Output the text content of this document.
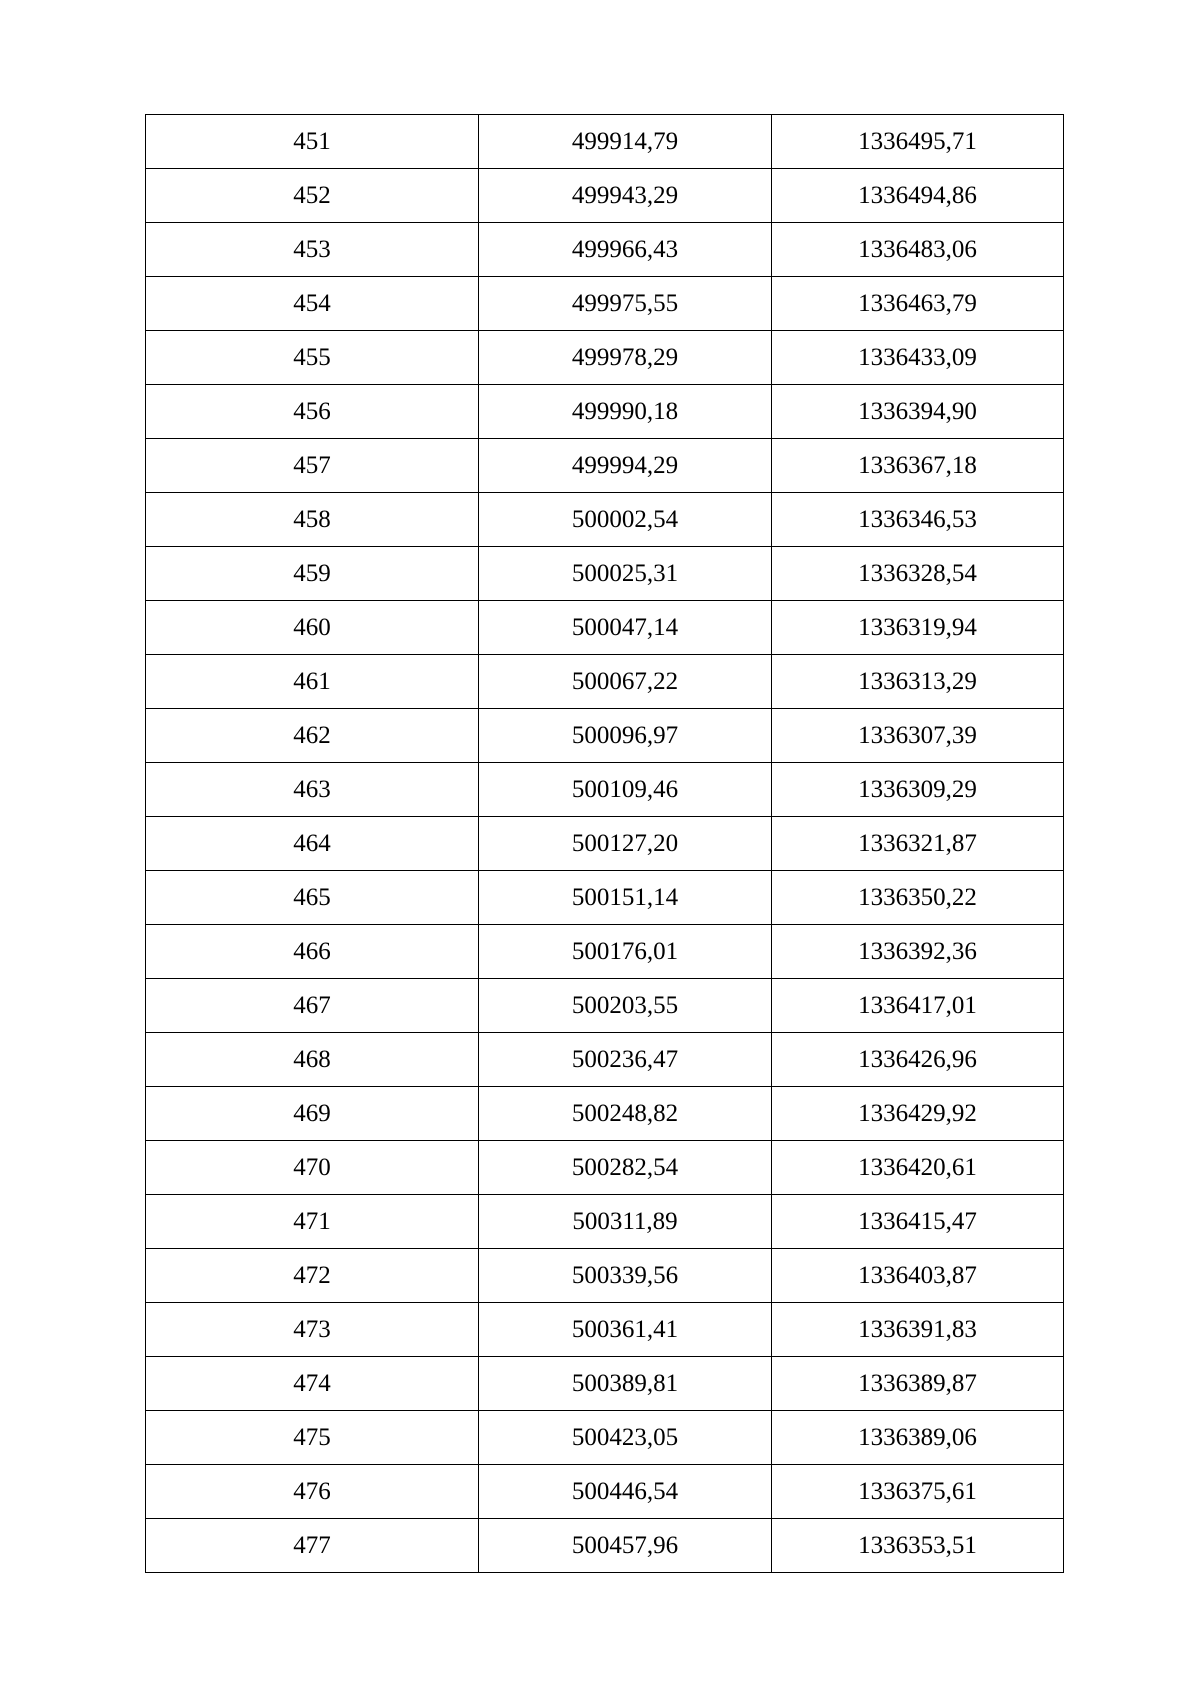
451	499914,79	1336495,71
452	499943,29	1336494,86
453	499966,43	1336483,06
454	499975,55	1336463,79
455	499978,29	1336433,09
456	499990,18	1336394,90
457	499994,29	1336367,18
458	500002,54	1336346,53
459	500025,31	1336328,54
460	500047,14	1336319,94
461	500067,22	1336313,29
462	500096,97	1336307,39
463	500109,46	1336309,29
464	500127,20	1336321,87
465	500151,14	1336350,22
466	500176,01	1336392,36
467	500203,55	1336417,01
468	500236,47	1336426,96
469	500248,82	1336429,92
470	500282,54	1336420,61
471	500311,89	1336415,47
472	500339,56	1336403,87
473	500361,41	1336391,83
474	500389,81	1336389,87
475	500423,05	1336389,06
476	500446,54	1336375,61
477	500457,96	1336353,51
